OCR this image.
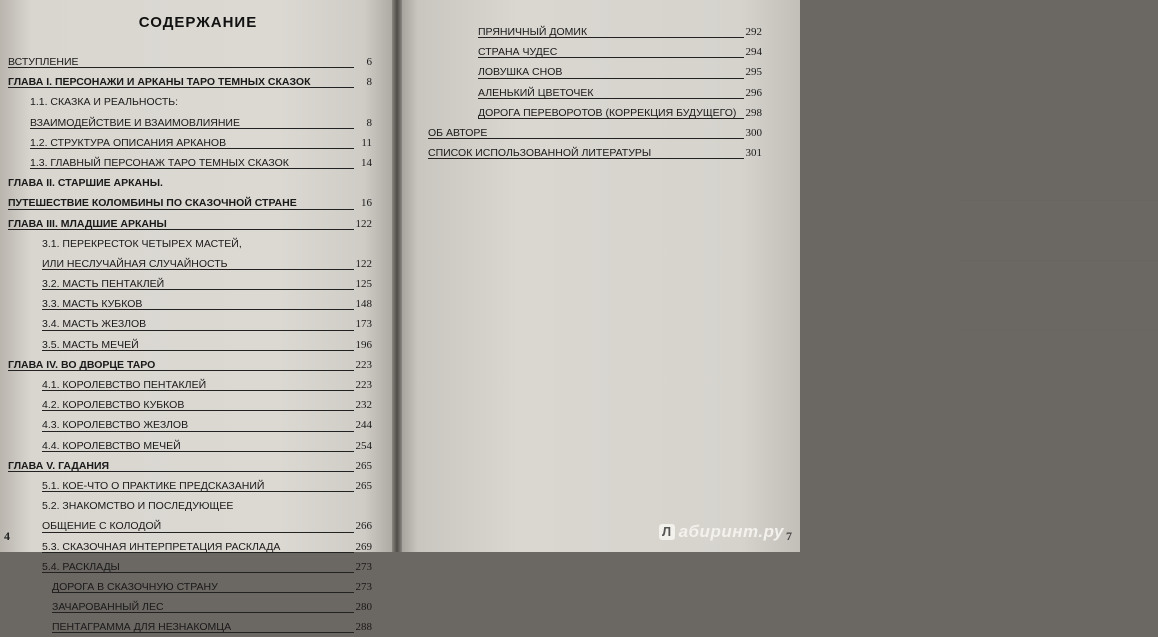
СОДЕРЖАНИЕ
ВСТУПЛЕНИЕ	6
ГЛАВА I. ПЕРСОНАЖИ И АРКАНЫ ТАРО ТЕМНЫХ СКАЗОК	8
1.1. СКАЗКА И РЕАЛЬНОСТЬ:
ВЗАИМОДЕЙСТВИЕ И ВЗАИМОВЛИЯНИЕ	8
1.2. СТРУКТУРА ОПИСАНИЯ АРКАНОВ	11
1.3. ГЛАВНЫЙ ПЕРСОНАЖ ТАРО ТЕМНЫХ СКАЗОК	14
ГЛАВА II. СТАРШИЕ АРКАНЫ.
ПУТЕШЕСТВИЕ КОЛОМБИНЫ ПО СКАЗОЧНОЙ СТРАНЕ	16
ГЛАВА III. МЛАДШИЕ АРКАНЫ	122
3.1. ПЕРЕКРЕСТОК ЧЕТЫРЕХ МАСТЕЙ,
ИЛИ НЕСЛУЧАЙНАЯ СЛУЧАЙНОСТЬ	122
3.2. МАСТЬ ПЕНТАКЛЕЙ	125
3.3. МАСТЬ КУБКОВ	148
3.4. МАСТЬ ЖЕЗЛОВ	173
3.5. МАСТЬ МЕЧЕЙ	196
ГЛАВА IV. ВО ДВОРЦЕ ТАРО	223
4.1. КОРОЛЕВСТВО ПЕНТАКЛЕЙ	223
4.2. КОРОЛЕВСТВО КУБКОВ	232
4.3. КОРОЛЕВСТВО ЖЕЗЛОВ	244
4.4. КОРОЛЕВСТВО МЕЧЕЙ	254
ГЛАВА V. ГАДАНИЯ	265
5.1. КОЕ-ЧТО О ПРАКТИКЕ ПРЕДСКАЗАНИЙ	265
5.2. ЗНАКОМСТВО И ПОСЛЕДУЮЩЕЕ
ОБЩЕНИЕ С КОЛОДОЙ	266
5.3. СКАЗОЧНАЯ ИНТЕРПРЕТАЦИЯ РАСКЛАДА	269
5.4. РАСКЛАДЫ	273
ДОРОГА В СКАЗОЧНУЮ СТРАНУ	273
ЗАЧАРОВАННЫЙ ЛЕС	280
ПЕНТАГРАММА ДЛЯ НЕЗНАКОМЦА	288
ПРЯНИЧНЫЙ ДОМИК	292
СТРАНА ЧУДЕС	294
ЛОВУШКА СНОВ	295
АЛЕНЬКИЙ ЦВЕТОЧЕК	296
ДОРОГА ПЕРЕВОРОТОВ (КОРРЕКЦИЯ БУДУЩЕГО) 298
ОБ АВТОРЕ	300
СПИСОК ИСПОЛЬЗОВАННОЙ ЛИТЕРАТУРЫ	301
4	7
Л абиринт.ру
